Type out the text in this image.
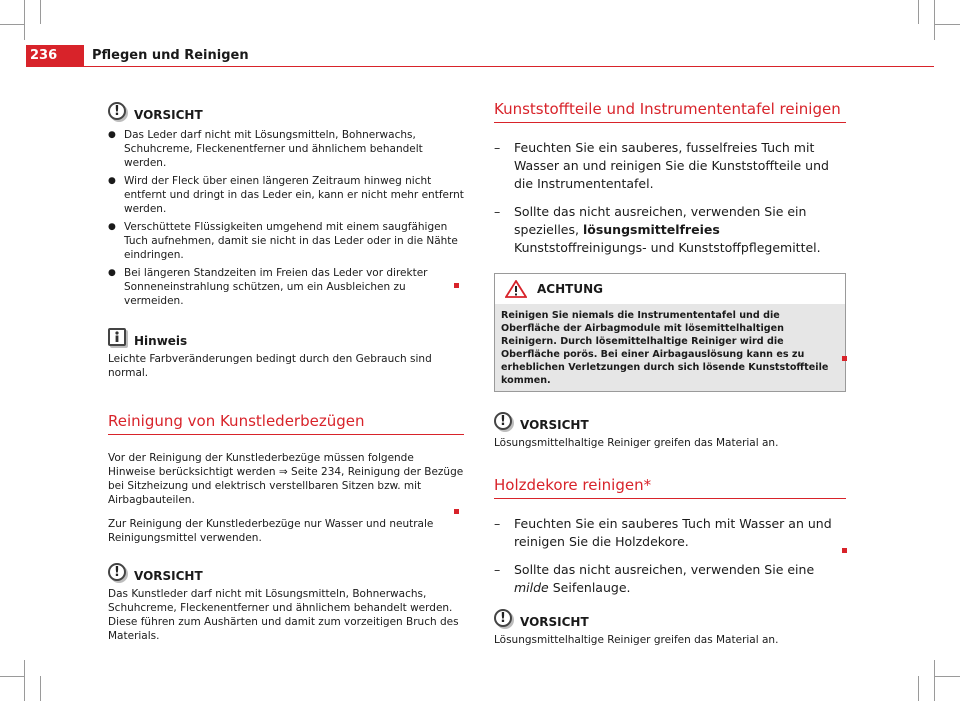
236	Pflegen und Reinigen
!	VORSICHT
● Das Leder darf nicht mit Lösungsmitteln, Bohnerwachs, Schuhcreme, Fleckenentferner und ähnlichem behandelt werden.
● Wird der Fleck über einen längeren Zeitraum hinweg nicht entfernt und dringt in das Leder ein, kann er nicht mehr entfernt werden.
● Verschüttete Flüssigkeiten umgehend mit einem saugfähigen Tuch aufnehmen, damit sie nicht in das Leder oder in die Nähte eindringen.
● Bei längeren Standzeiten im Freien das Leder vor direkter Sonneneinstrahlung schützen, um ein Ausbleichen zu vermeiden.
Hinweis
Leichte Farbveränderungen bedingt durch den Gebrauch sind normal.
Reinigung von Kunstlederbezügen
Vor der Reinigung der Kunstlederbezüge müssen folgende Hinweise berücksichtigt werden ⇒ Seite 234, Reinigung der Bezüge bei Sitzheizung und elektrisch verstellbaren Sitzen bzw. mit Airbagbauteilen.
Zur Reinigung der Kunstlederbezüge nur Wasser und neutrale Reinigungsmittel verwenden.
!	VORSICHT
Das Kunstleder darf nicht mit Lösungsmitteln, Bohnerwachs, Schuhcreme, Fleckenentferner und ähnlichem behandelt werden. Diese führen zum Aushärten und damit zum vorzeitigen Bruch des Materials.
Kunststoffteile und Instrumententafel reinigen
–	Feuchten Sie ein sauberes, fusselfreies Tuch mit Wasser an und reinigen Sie die Kunststoffteile und die Instrumententafel.
–	Sollte das nicht ausreichen, verwenden Sie ein spezielles, lösungsmittelfreies Kunststoffreinigungs- und Kunststoffpflegemittel.
ACHTUNG
Reinigen Sie niemals die Instrumententafel und die Oberfläche der Airbagmodule mit lösemittelhaltigen Reinigern. Durch lösemittelhaltige Reiniger wird die Oberfläche porös. Bei einer Airbagauslösung kann es zu erheblichen Verletzungen durch sich lösende Kunststoffteile kommen.
!	VORSICHT
Lösungsmittelhaltige Reiniger greifen das Material an.
Holzdekore reinigen*
–	Feuchten Sie ein sauberes Tuch mit Wasser an und reinigen Sie die Holzdekore.
–	Sollte das nicht ausreichen, verwenden Sie eine milde Seifenlauge.
!	VORSICHT
Lösungsmittelhaltige Reiniger greifen das Material an.
